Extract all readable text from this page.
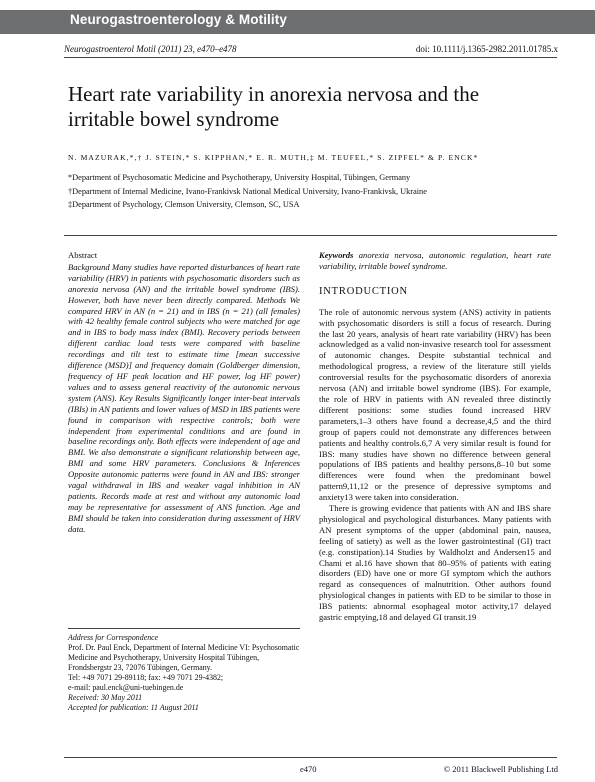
Neurogastroenterology & Motility
Neurogastroenterol Motil (2011) 23, e470–e478	doi: 10.1111/j.1365-2982.2011.01785.x
Heart rate variability in anorexia nervosa and the irritable bowel syndrome
N. MAZURAK,*,† J. STEIN,* S. KIPPHAN,* E. R. MUTH,‡ M. TEUFEL,* S. ZIPFEL* & P. ENCK*
*Department of Psychosomatic Medicine and Psychotherapy, University Hospital, Tübingen, Germany
†Department of Internal Medicine, Ivano-Frankivsk National Medical University, Ivano-Frankivsk, Ukraine
‡Department of Psychology, Clemson University, Clemson, SC, USA

Abstract

Background Many studies have reported disturbances of heart rate variability (HRV) in patients with psychosomatic disorders such as anorexia nervosa (AN) and the irritable bowel syndrome (IBS). However, both have never been directly compared. Methods We compared HRV in AN (n = 21) and in IBS (n = 21) (all females) with 42 healthy female control subjects who were matched for age and in IBS to body mass index (BMI). Recovery periods between different cardiac load tests were compared with baseline recordings and tilt test to estimate time [mean successive difference (MSD)] and frequency domain (Goldberger dimension, frequency of HF peak location and HF power, log HF power) values and to assess general reactivity of the autonomic nervous system (ANS). Key Results Significantly longer inter-beat intervals (IBIs) in AN patients and lower values of MSD in IBS patients were found in comparison with respective controls; both were independent from experimental conditions and are found in baseline recordings only. Both effects were independent of age and BMI. We also demonstrate a significant relationship between age, BMI and some HRV parameters. Conclusions & Inferences Opposite autonomic patterns were found in AN and IBS: stronger vagal withdrawal in IBS and weaker vagal inhibition in AN patients. Records made at rest and without any autonomic load may be representative for assessment of ANS function. Age and BMI should be taken into consideration during assessment of HRV data.

Address for Correspondence
Prof. Dr. Paul Enck, Department of Internal Medicine VI: Psychosomatic Medicine and Psychotherapy, University Hospital Tübingen, Frondsbergstr 23, 72076 Tübingen, Germany.
Tel: +49 7071 29-89118; fax: +49 7071 29-4382;
e-mail: paul.enck@uni-tuebingen.de
Received: 30 May 2011
Accepted for publication: 11 August 2011

Keywords anorexia nervosa, autonomic regulation, heart rate variability, irritable bowel syndrome.

INTRODUCTION

The role of autonomic nervous system (ANS) activity in patients with psychosomatic disorders is still a focus of research. During the last 20 years, analysis of heart rate variability (HRV) has been acknowledged as a valid non-invasive research tool for assessment of autonomic changes. Despite substantial technical and methodological progress, a review of the literature still yields controversial results for the psychosomatic disorders of anorexia nervosa (AN) and irritable bowel syndrome (IBS). For example, the role of HRV in patients with AN revealed three distinctly different positions: some studies found increased HRV parameters,1–3 others have found a decrease,4,5 and the third group of papers could not demonstrate any differences between patients and healthy controls.6,7 A very similar result is found for IBS: many studies have shown no difference between general populations of IBS patients and healthy persons,8–10 but some differences were found when the predominant bowel pattern9,11,12 or the presence of depressive symptoms and anxiety13 were taken into consideration.

There is growing evidence that patients with AN and IBS share physiological and psychological disturbances. Many patients with AN present symptoms of the upper (abdominal pain, nausea, feeling of satiety) as well as the lower gastrointestinal (GI) tract (e.g. constipation).14 Studies by Waldholzt and Andersen15 and Chami et al.16 have shown that 80–95% of patients with eating disorders (ED) have one or more GI symptom which the authors regard as consequences of malnutrition. Other authors found physiological changes in patients with ED to be similar to those in IBS patients: abnormal esophageal motor activity,17 delayed gastric emptying,18 and delayed GI transit.19

e470	© 2011 Blackwell Publishing Ltd
